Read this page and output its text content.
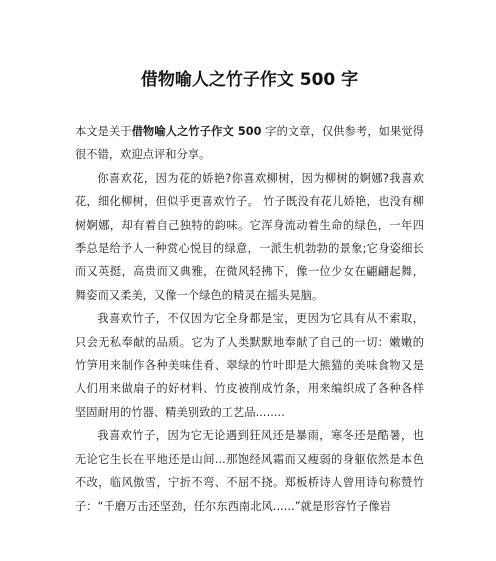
借物喻人之竹子作文 500 字

本文是关于借物喻人之竹子作文 500 字的文章，仅供参考，如果觉得很不错，欢迎点评和分享。

你喜欢花，因为花的娇艳?你喜欢柳树，因为柳树的婀娜?我喜欢花，细化柳树，但似乎更喜欢竹子。 竹子既没有花儿娇艳，也没有柳树婀娜，却有着自己独特的韵味。它浑身流动着生命的绿色，一年四季总是给予人一种赏心悦目的绿意，一派生机勃勃的景象;它身姿细长而又英挺，高贵而又典雅，在微风轻拂下，像一位少女在翩翩起舞，舞姿而又柔美，又像一个绿色的精灵在摇头晃脑。

我喜欢竹子，不仅因为它全身都是宝，更因为它具有从不索取，只会无私奉献的品质。它为了人类默默地奉献了自己的一切：嫩嫩的竹笋用来制作各种美味佳肴、翠绿的竹叶即是大熊猫的美味食物又是人们用来做扇子的好材料、竹皮被削成竹条，用来编织成了各种各样坚固耐用的竹器、精美别致的工艺品........

我喜欢竹子，因为它无论遇到狂风还是暴雨，寒冬还是酷暑，也无论它生长在平地还是山间...那饱经风霜而又瘦弱的身躯依然是本色不改，临风傲雪，宁折不弯、不屈不挠。郑板桥诗人曾用诗句称赞竹子：“千磨万击还坚劲，任尔东西南北风......”就是形容竹子像岩
